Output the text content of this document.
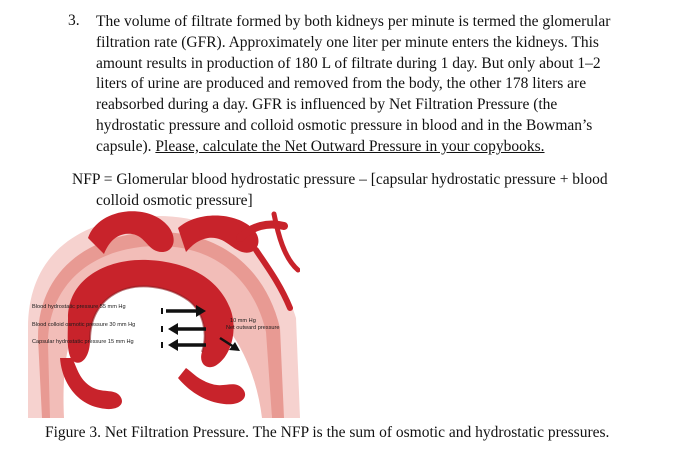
3. The volume of filtrate formed by both kidneys per minute is termed the glomerular

filtration rate (GFR). Approximately one liter per minute enters the kidneys. This

amount results in production of 180 L of filtrate during 1 day. But only about 1–2

liters of urine are produced and removed from the body, the other 178 liters are

reabsorbed during a day. GFR is influenced by Net Filtration Pressure (the

hydrostatic pressure and colloid osmotic pressure in blood and in the Bowman’s

capsule). Please, calculate the Net Outward Pressure in your copybooks.

NFP = Glomerular blood hydrostatic pressure – [capsular hydrostatic pressure + blood
colloid osmotic pressure]
Blood hydrostatic pressure 55 mm Hg
Blood colloid osmotic pressure 30 mm Hg
Capsular hydrostatic pressure 15 mm Hg
10 mm Hg
Net outward pressure
Figure 3. Net Filtration Pressure. The NFP is the sum of osmotic and hydrostatic pressures.
